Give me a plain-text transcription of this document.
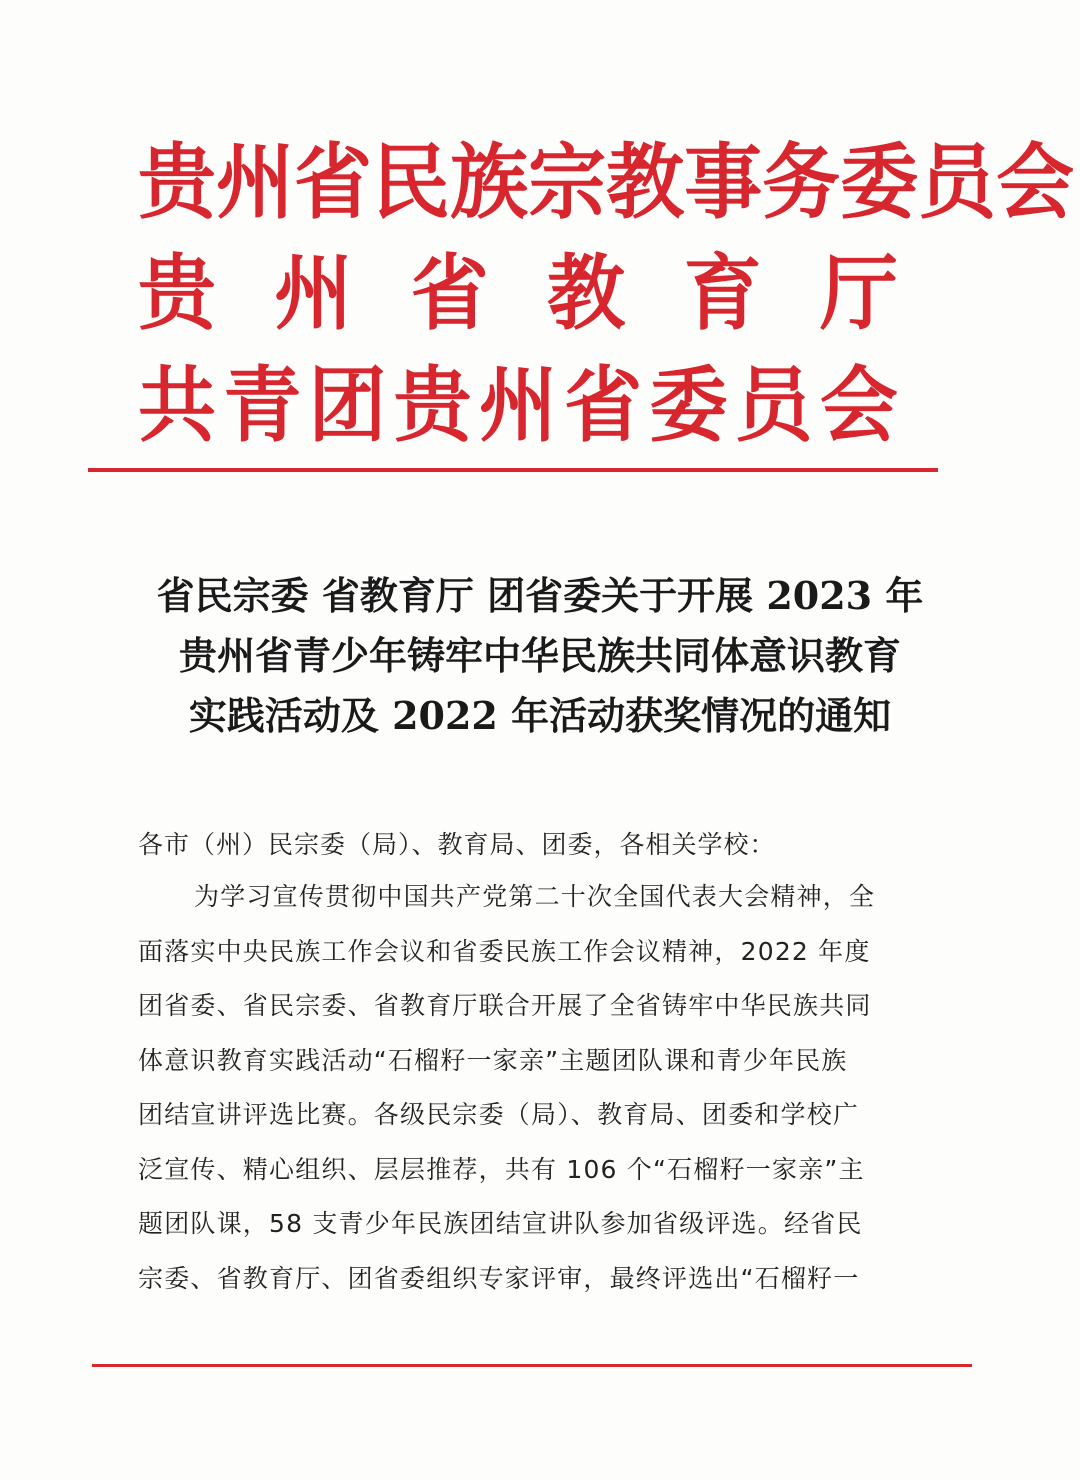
贵 州 省 民 族 宗 教 事 务 委 员 会
贵 州 省 教 育 厅
共 青 团 贵 州 省 委 员 会
省民宗委 省教育厅 团省委关于开展 2023 年
贵州省青少年铸牢中华民族共同体意识教育
实践活动及 2022 年活动获奖情况的通知
各市（州）民宗委（局）、教育局、团委，各相关学校：
为学习宣传贯彻中国共产党第二十次全国代表大会精神，全
面落实中央民族工作会议和省委民族工作会议精神，2022 年度
团省委、省民宗委、省教育厅联合开展了全省铸牢中华民族共同
体意识教育实践活动“石榴籽一家亲”主题团队课和青少年民族
团结宣讲评选比赛。各级民宗委（局）、教育局、团委和学校广
泛宣传、精心组织、层层推荐，共有 106 个“石榴籽一家亲”主
题团队课，58 支青少年民族团结宣讲队参加省级评选。经省民
宗委、省教育厅、团省委组织专家评审，最终评选出“石榴籽一
